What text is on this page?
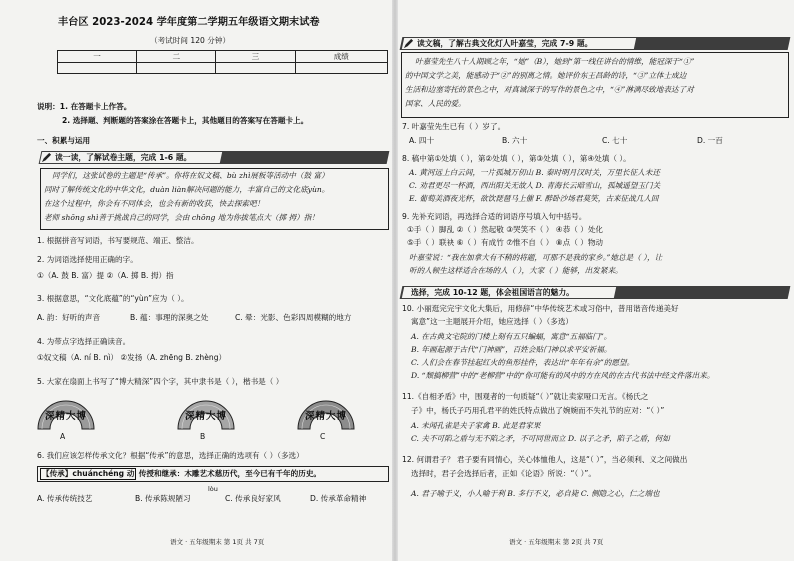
丰台区 2023-2024 学年度第二学期五年级语文期末试卷
（考试时间 120 分钟）
一	二	三	成绩

说明：1. 在答题卡上作答。
2. 选择题、判断题的答案涂在答题卡上，其他题目的答案写在答题卡上。
一、积累与运用
读一读，了解试卷主题，完成 1-6 题。
同学们，这张试卷的主题是“传承”。你将在奴文稿、bù zhì展板等活动中（鼓 富）
同时了解传统文化的中华文化，duàn liàn解决问题的能力，丰富自己的文化底yùn。
在这个过程中，你会有不同体会，也会有新的收获，快去探索吧！
老师 shōng shì善于挑战自己的同学，会由 chōng 地为你拔笔点大（掷 拇）指！
1. 根据拼音写词语，书写要规范、端正、整洁。
2. 为词语选择使用正确的字。
①（A. 鼓 B. 富）提 ②（A. 掷 B. 拇）指
3. 根据意思，“文化底蕴”的“yùn”应为（ ）。
A. 韵：好听的声音	B. 蕴：事理的深奥之处	C. 晕：光影、色彩四周模糊的地方
4. 为带点字选择正确读音。
①奴文稿（A. ní B. nì） ②发扬（A. zhēng B. zhèng）
5. 大家在扇面上书写了“博大精深”四个字，其中隶书是（ ），楷书是（ ）
深精大博
A
深精大博
B
深精大博
C
6. 我们应该怎样传承文化？根据“传承”的意思，选择正确的选项有（ ）（多选）
【传承】chuánchéng 动 传授和继承：木雕艺术慈历代，至今已有千年的历史。
lòu
A. 传承传统技艺	B. 传承陈规陋习	C. 传承良好家风	D. 传承革命精神
语文 · 五年级期末 第 1页 共 7页
读文稿，了解古典文化灯人叶嘉莹，完成 7-9 题。
叶嘉莹先生八十人期顾之年，“她”（B），她到“第一线任讲台的情维，能冠深于“①”
的中国文学之美，能感动于“②”的别离之情。她评价东王昌龄的诗，“③”立体士成边
生活和边塞寄托的景色之中，对真诚深于的写作的景色之中，“④”淋漓尽致地表达了对
国家、人民的爱。
7. 叶嘉莹先生已有（ ）岁了。
A. 四十	B. 六十	C. 七十	D. 一百
8. 稿中第①处填（ ），第②处填（ ），第③处填（ ），第④处填（ ）。
A. 黄河远上白云间，一片孤城万仞山 B. 秦时明月汉时关，万里长征人未还
C. 劝君更尽一杯酒，西出阳关无故人 D. 青海长云暗雪山，孤城遥望玉门关
E. 葡萄美酒夜光杯，欲饮琵琶马上催 F. 醉卧沙场君莫笑，古来征战几人回
9. 先补充词语，再选择合适的词语序号填入句中括号。
①手（ ）脚乱 ②（ ）然起敬 ③哭笑不（ ） ④恭（ ）处化
⑤手（ ）联袂 ⑥（ ）有成竹 ⑦惟不自（ ） ⑧点（ ）物动
叶嘉莹说：“我在加拿大有不稍的将题，可那不是我的家乡。”她总是（ ），让
听的人顿生这样适合在场的人（ ），大家（ ）能够，出发紧来。
选择，完成 10-12 题，体会祖国语言的魅力。
10. 小丽逛完完宇文化大集后，用修辞“中华传统艺术或习俗中，普用谐音传递美好
寓意”这一主题展开介绍，她应选择（ ）（多选）
A. 在古典文宅院的门楼上刻有五只蝙蝠，寓意“五福临门”。
B. 年画起源于古代“门神画”，百姓会贴门神以求平安祈福。
C. 人们会在春节挂起红火的鱼形挂件，表达出“年年有余”的愿望。
D. “颓搞柳营”中的“老柳营”中的“你可能有的风中的方在风的在古代书法中经文件落出来。
11.《自相矛盾》中，围观者的一句质疑“（ ）”就让卖家哑口无言。《杨氏之
子》中，杨氏子巧用孔君平的姓氏特点做出了婉婉而不失礼节的应对：“（ ）”
A. 未闻孔雀是夫子家禽 B. 此是君家果
C. 夫不可陷之盾与无不陷之矛，不可同世而立 D. 以子之矛，陷子之盾，何如
12. 何谓君子？ 君子要有同情心，关心体恤他人，这是“（ ）”，当必须利、义之间做出
选择时，君子会选择后者，正如《论语》所说：“（ ）”。
A. 君子喻于义，小人喻于利 B. 多行不义，必自毙 C. 侧隐之心，仁之端也
语文 · 五年级期末 第 2页 共 7页
